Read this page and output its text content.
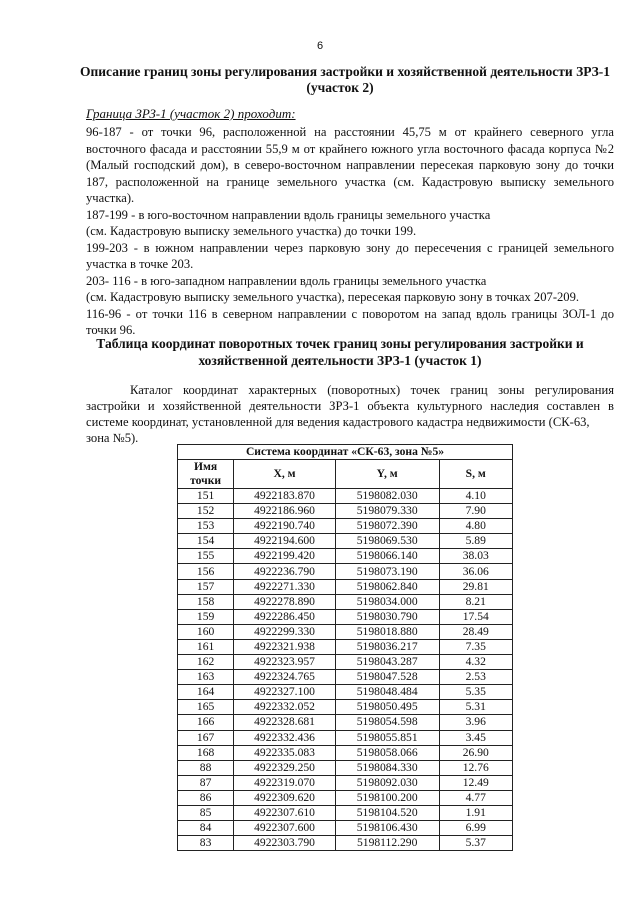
6
Описание границ зоны регулирования застройки и хозяйственной деятельности ЗРЗ-1
(участок 2)
Граница ЗРЗ-1 (участок 2) проходит:
96-187 - от точки 96, расположенной на расстоянии 45,75 м от крайнего северного угла восточного фасада и расстоянии 55,9 м от крайнего южного угла восточного фасада корпуса №2 (Малый господский дом), в северо-восточном направлении пересекая парковую зону до точки 187, расположенной на границе земельного участка (см. Кадастровую выписку земельного участка).
187-199 - в юго-восточном направлении вдоль границы земельного участка
(см. Кадастровую выписку земельного участка) до точки 199.
199-203 - в южном направлении через парковую зону до пересечения с границей земельного участка в точке 203.
203- 116 - в юго-западном направлении вдоль границы земельного участка
(см. Кадастровую выписку земельного участка), пересекая парковую зону в точках 207-209.
116-96 - от точки 116 в северном направлении с поворотом на запад вдоль границы ЗОЛ-1 до точки 96.
Таблица координат поворотных точек границ зоны регулирования застройки и
хозяйственной деятельности ЗРЗ-1 (участок 1)
Каталог координат характерных (поворотных) точек границ зоны регулирования застройки и хозяйственной деятельности ЗРЗ-1 объекта культурного наследия составлен в системе координат, установленной для ведения кадастрового кадастра недвижимости (СК-63,
зона №5).
Система координат «СК-63, зона №5»			

Имя
точки	X, м	Y, м	S, м
151	4922183.870	5198082.030	4.10
152	4922186.960	5198079.330	7.90
153	4922190.740	5198072.390	4.80
154	4922194.600	5198069.530	5.89
155	4922199.420	5198066.140	38.03
156	4922236.790	5198073.190	36.06
157	4922271.330	5198062.840	29.81
158	4922278.890	5198034.000	8.21
159	4922286.450	5198030.790	17.54
160	4922299.330	5198018.880	28.49
161	4922321.938	5198036.217	7.35
162	4922323.957	5198043.287	4.32
163	4922324.765	5198047.528	2.53
164	4922327.100	5198048.484	5.35
165	4922332.052	5198050.495	5.31
166	4922328.681	5198054.598	3.96
167	4922332.436	5198055.851	3.45
168	4922335.083	5198058.066	26.90
88	4922329.250	5198084.330	12.76
87	4922319.070	5198092.030	12.49
86	4922309.620	5198100.200	4.77
85	4922307.610	5198104.520	1.91
84	4922307.600	5198106.430	6.99
83	4922303.790	5198112.290	5.37
